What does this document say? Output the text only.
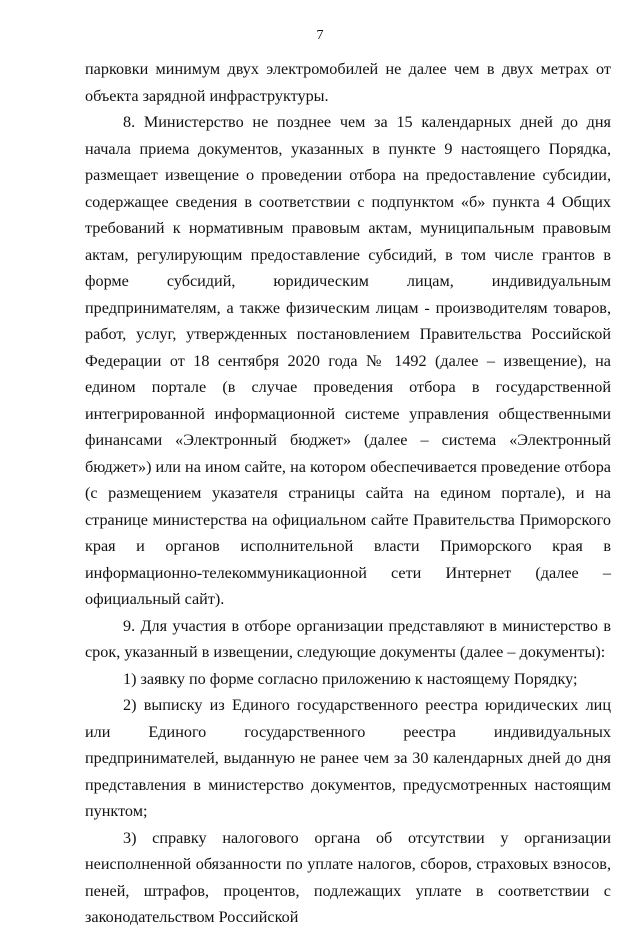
7

парковки минимум двух электромобилей не далее чем в двух метрах от объекта зарядной инфраструктуры.

8. Министерство не позднее чем за 15 календарных дней до дня начала приема документов, указанных в пункте 9 настоящего Порядка, размещает извещение о проведении отбора на предоставление субсидии, содержащее сведения в соответствии с подпунктом «б» пункта 4 Общих требований к нормативным правовым актам, муниципальным правовым актам, регулирующим предоставление субсидий, в том числе грантов в форме субсидий, юридическим лицам, индивидуальным предпринимателям, а также физическим лицам - производителям товаров, работ, услуг, утвержденных постановлением Правительства Российской Федерации от 18 сентября 2020 года № 1492 (далее – извещение), на едином портале (в случае проведения отбора в государственной интегрированной информационной системе управления общественными финансами «Электронный бюджет» (далее – система «Электронный бюджет») или на ином сайте, на котором обеспечивается проведение отбора (с размещением указателя страницы сайта на едином портале), и на странице министерства на официальном сайте Правительства Приморского края и органов исполнительной власти Приморского края в информационно-телекоммуникационной сети Интернет (далее – официальный сайт).

9. Для участия в отборе организации представляют в министерство в срок, указанный в извещении, следующие документы (далее – документы):

1) заявку по форме согласно приложению к настоящему Порядку;

2) выписку из Единого государственного реестра юридических лиц или Единого государственного реестра индивидуальных предпринимателей, выданную не ранее чем за 30 календарных дней до дня представления в министерство документов, предусмотренных настоящим пунктом;

3) справку налогового органа об отсутствии у организации неисполненной обязанности по уплате налогов, сборов, страховых взносов, пеней, штрафов, процентов, подлежащих уплате в соответствии с законодательством Российской
